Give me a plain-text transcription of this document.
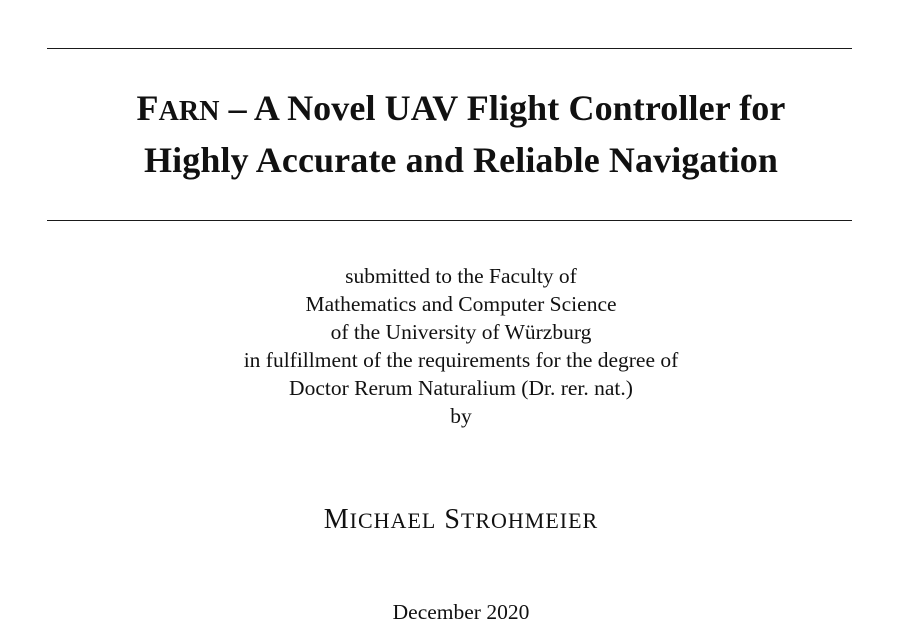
FARN – A Novel UAV Flight Controller for
Highly Accurate and Reliable Navigation
submitted to the Faculty of
Mathematics and Computer Science
of the University of Würzburg
in fulfillment of the requirements for the degree of
Doctor Rerum Naturalium (Dr. rer. nat.)
by
MICHAEL STROHMEIER
December 2020
